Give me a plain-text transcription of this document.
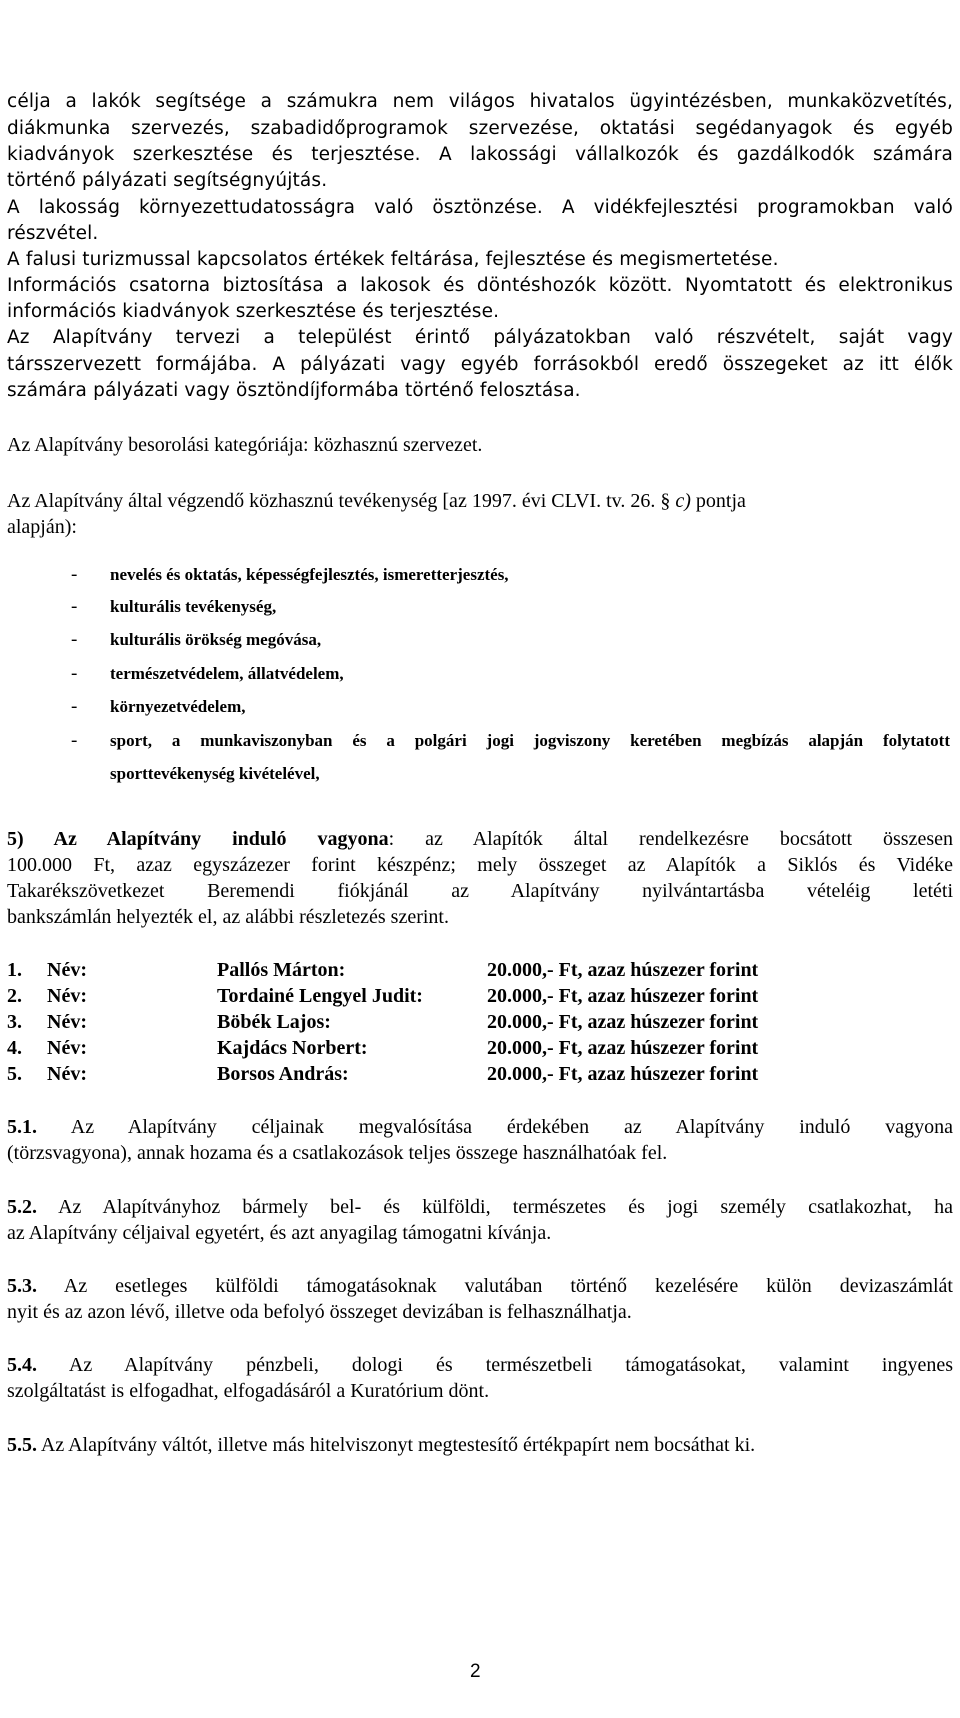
célja a lakók segítsége a számukra nem világos hivatalos ügyintézésben, munkaközvetítés,
diákmunka szervezés, szabadidőprogramok szervezése, oktatási segédanyagok és egyéb
kiadványok szerkesztése és terjesztése. A lakossági vállalkozók és gazdálkodók számára
történő pályázati segítségnyújtás.
A lakosság környezettudatosságra való ösztönzése. A vidékfejlesztési programokban való
részvétel.
A falusi turizmussal kapcsolatos értékek feltárása, fejlesztése és megismertetése.
Információs csatorna biztosítása a lakosok és döntéshozók között. Nyomtatott és elektronikus
információs kiadványok szerkesztése és terjesztése.
Az Alapítvány tervezi a települést érintő pályázatokban való részvételt, saját vagy
társszervezett formájába. A pályázati vagy egyéb forrásokból eredő összegeket az itt élők
számára pályázati vagy ösztöndíjformába történő felosztása.
Az Alapítvány besorolási kategóriája: közhasznú szervezet.
Az Alapítvány által végzendő közhasznú tevékenység [az 1997. évi CLVI. tv. 26. § c) pontja
alapján):
- nevelés és oktatás, képességfejlesztés, ismeretterjesztés,
- kulturális tevékenység,
- kulturális örökség megóvása,
- természetvédelem, állatvédelem,
- környezetvédelem,
- sport, a munkaviszonyban és a polgári jogi jogviszony keretében megbízás alapján folytatott
sporttevékenység kivételével,
5) Az Alapítvány induló vagyona: az Alapítók által rendelkezésre bocsátott összesen
100.000 Ft, azaz egyszázezer forint készpénz; mely összeget az Alapítók a Siklós és Vidéke
Takarékszövetkezet Beremendi fiókjánál az Alapítvány nyilvántartásba vételéig letéti
bankszámlán helyezték el, az alábbi részletezés szerint.
1. Név:	Pallós Márton:	20.000,- Ft, azaz húszezer forint
2. Név:	Tordainé Lengyel Judit:	20.000,- Ft, azaz húszezer forint
3. Név:	Böbék Lajos:	20.000,- Ft, azaz húszezer forint
4. Név:	Kajdács Norbert:	20.000,- Ft, azaz húszezer forint
5. Név:	Borsos András:	20.000,- Ft, azaz húszezer forint
5.1. Az Alapítvány céljainak megvalósítása érdekében az Alapítvány induló vagyona
(törzsvagyona), annak hozama és a csatlakozások teljes összege használhatóak fel.
5.2. Az Alapítványhoz bármely bel- és külföldi, természetes és jogi személy csatlakozhat, ha
az Alapítvány céljaival egyetért, és azt anyagilag támogatni kívánja.
5.3. Az esetleges külföldi támogatásoknak valutában történő kezelésére külön devizaszámlát
nyit és az azon lévő, illetve oda befolyó összeget devizában is felhasználhatja.
5.4. Az Alapítvány pénzbeli, dologi és természetbeli támogatásokat, valamint ingyenes
szolgáltatást is elfogadhat, elfogadásáról a Kuratórium dönt.
5.5. Az Alapítvány váltót, illetve más hitelviszonyt megtestesítő értékpapírt nem bocsáthat ki.
2
